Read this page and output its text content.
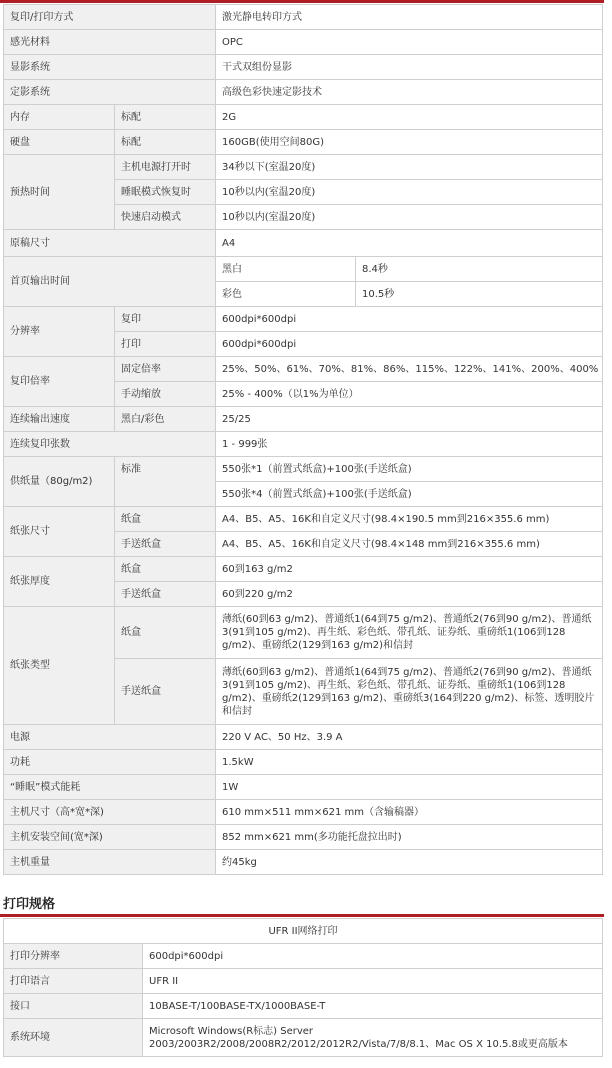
复印/打印方式		激光静电转印方式	
感光材料		OPC	
显影系统		干式双组份显影	
定影系统		高级色彩快速定影技术	
内存	标配	2G	
硬盘	标配	160GB(使用空间80G)	
预热时间	主机电源打开时	34秒以下(室温20度)	
	睡眠模式恢复时	10秒以内(室温20度)	
	快速启动模式	10秒以内(室温20度)	
原稿尺寸		A4	
首页输出时间		黑白	8.4秒
		彩色	10.5秒
分辨率	复印	600dpi*600dpi	
	打印	600dpi*600dpi	
复印倍率	固定倍率	25%、50%、61%、70%、81%、86%、115%、122%、141%、200%、400%	
	手动缩放	25% - 400%（以1%为单位）	
连续输出速度	黑白/彩色	25/25	
连续复印张数		1 - 999张	
供纸量（80g/m2)	标准	550张*1（前置式纸盒)+100张(手送纸盒)	
		550张*4（前置式纸盒)+100张(手送纸盒)	
纸张尺寸	纸盒	A4、B5、A5、16K和自定义尺寸(98.4×190.5 mm到216×355.6 mm)	
	手送纸盒	A4、B5、A5、16K和自定义尺寸(98.4×148 mm到216×355.6 mm)	
纸张厚度	纸盒	60到163 g/m2	
	手送纸盒	60到220 g/m2	
纸张类型	纸盒	薄纸(60到63 g/m2)、普通纸1(64到75 g/m2)、普通纸2(76到90 g/m2)、普通纸3(91到105 g/m2)、再生纸、彩色纸、带孔纸、证券纸、重磅纸1(106到128 g/m2)、重磅纸2(129到163 g/m2)和信封	
	手送纸盒	薄纸(60到63 g/m2)、普通纸1(64到75 g/m2)、普通纸2(76到90 g/m2)、普通纸3(91到105 g/m2)、再生纸、彩色纸、带孔纸、证券纸、重磅纸1(106到128 g/m2)、重磅纸2(129到163 g/m2)、重磅纸3(164到220 g/m2)、标签、透明胶片和信封	
电源		220 V AC、50 Hz、3.9 A	
功耗		1.5kW	
“睡眠”模式能耗		1W	
主机尺寸（高*宽*深)		610 mm×511 mm×621 mm（含输稿器）	
主机安装空间(宽*深)		852 mm×621 mm(多功能托盘拉出时)	
主机重量		约45kg	
打印规格
UFR II网络打印	
打印分辨率	600dpi*600dpi
打印语言	UFR II
接口	10BASE-T/100BASE-TX/1000BASE-T
系统环境	Microsoft Windows(R标志) Server 2003/2003R2/2008/2008R2/2012/2012R2/Vista/7/8/8.1、Mac OS X 10.5.8或更高版本
